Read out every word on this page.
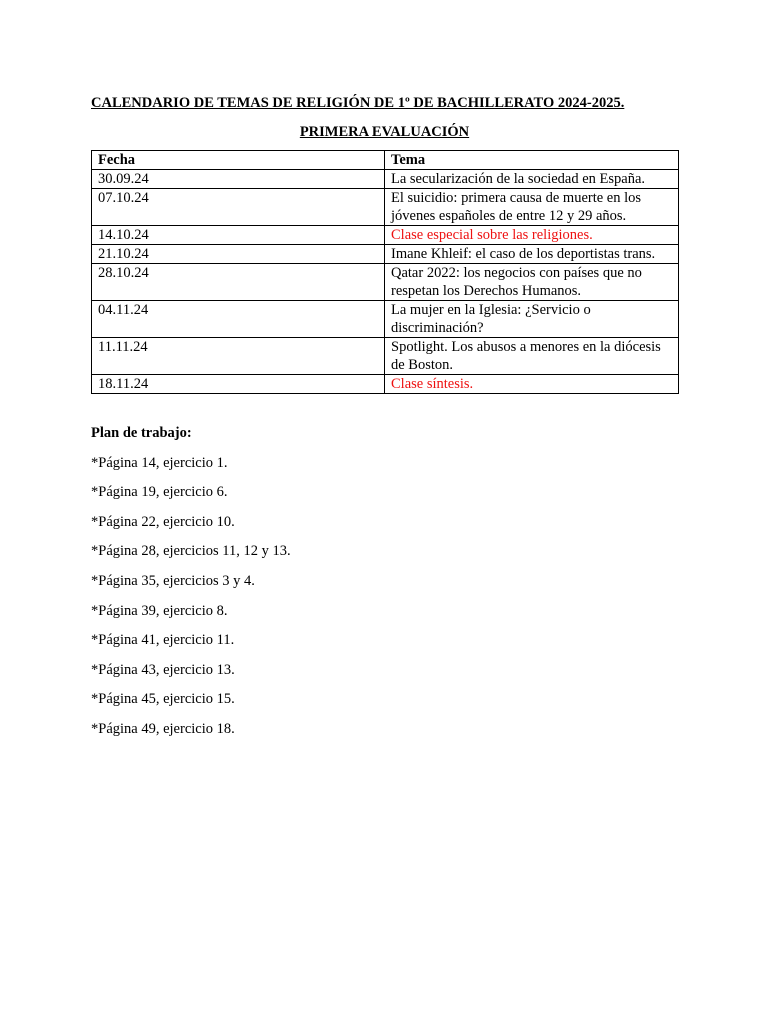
CALENDARIO DE TEMAS DE RELIGIÓN DE 1º DE BACHILLERATO 2024-2025.

PRIMERA EVALUACIÓN

Fecha	Tema
30.09.24	La secularización de la sociedad en España.
07.10.24	El suicidio: primera causa de muerte en los jóvenes españoles de entre 12 y 29 años.
14.10.24	Clase especial sobre las religiones.
21.10.24	Imane Khleif: el caso de los deportistas trans.
28.10.24	Qatar 2022: los negocios con países que no respetan los Derechos Humanos.
04.11.24	La mujer en la Iglesia: ¿Servicio o discriminación?
11.11.24	Spotlight. Los abusos a menores en la diócesis de Boston.
18.11.24	Clase síntesis.

Plan de trabajo:

*Página 14, ejercicio 1.
*Página 19, ejercicio 6.
*Página 22, ejercicio 10.
*Página 28, ejercicios 11, 12 y 13.
*Página 35, ejercicios 3 y 4.
*Página 39, ejercicio 8.
*Página 41, ejercicio 11.
*Página 43, ejercicio 13.
*Página 45, ejercicio 15.
*Página 49, ejercicio 18.
